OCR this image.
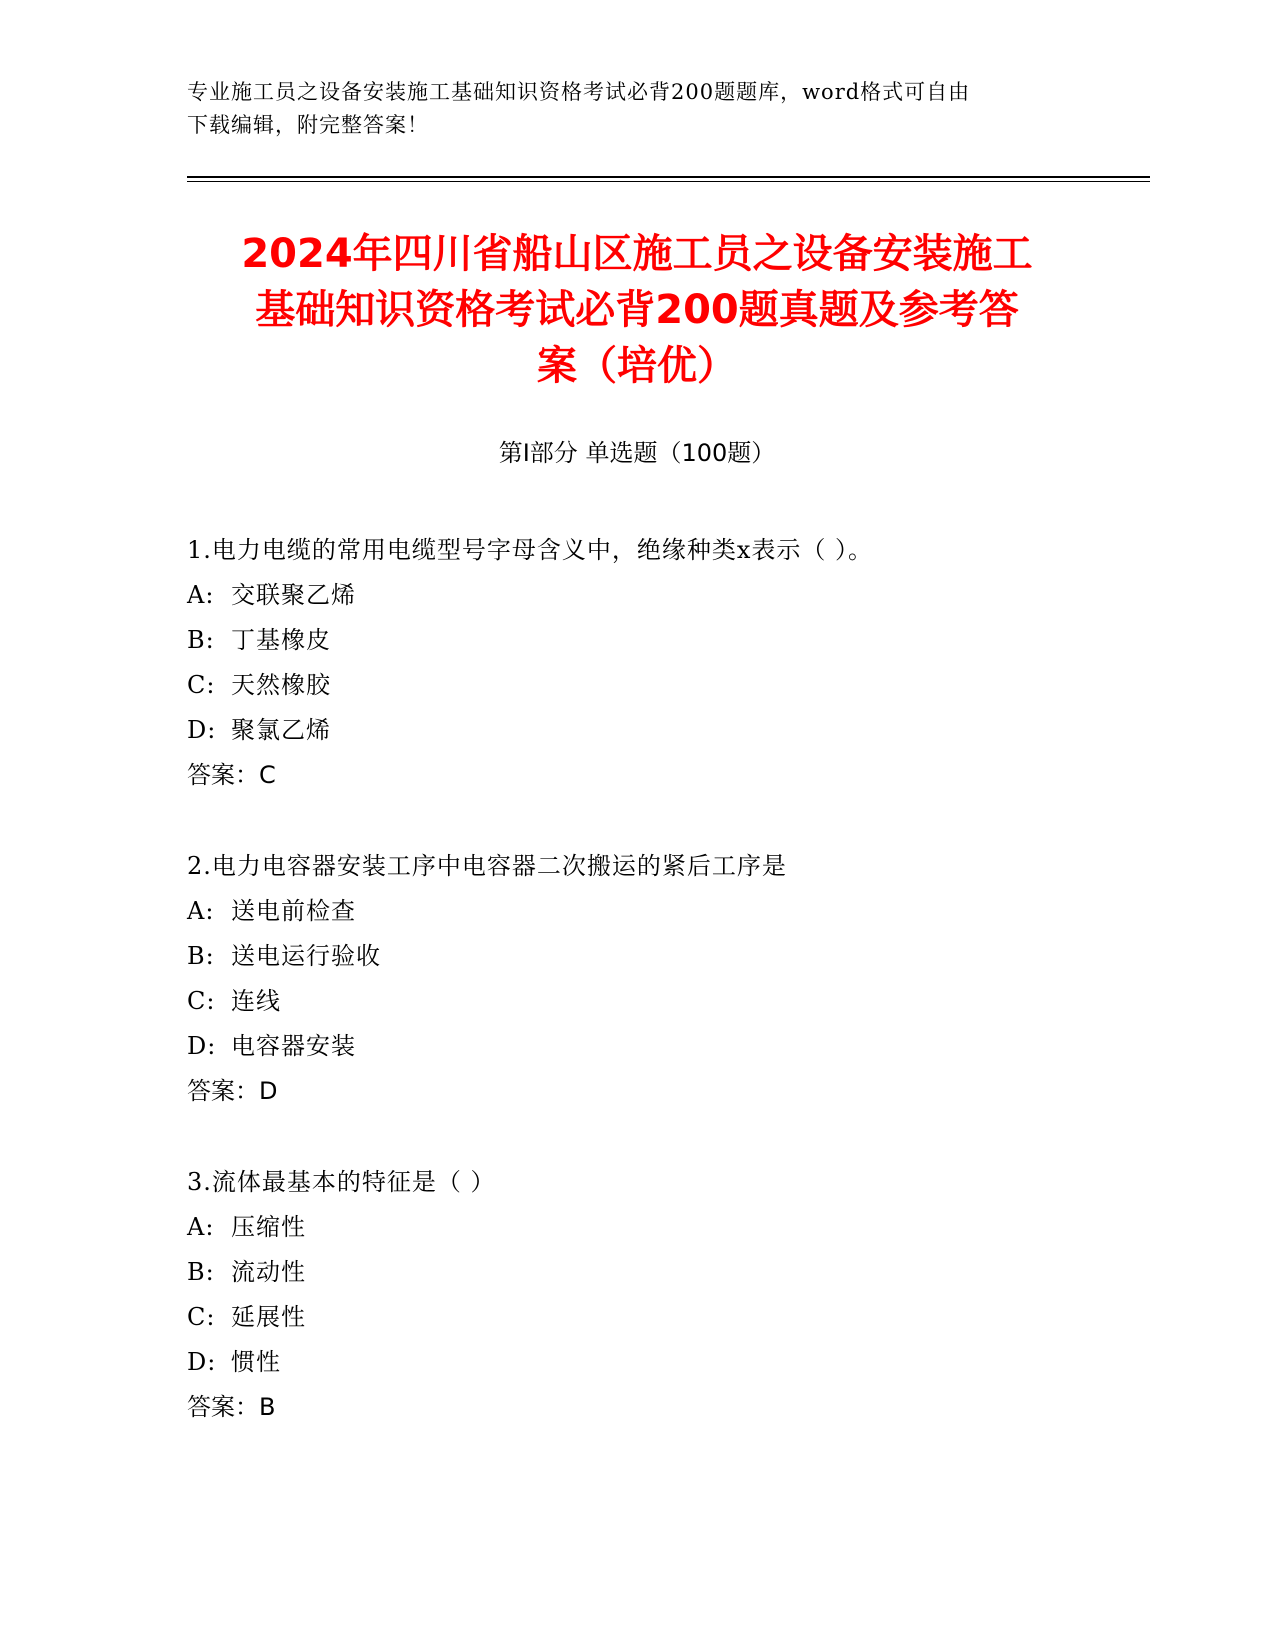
专业施工员之设备安装施工基础知识资格考试必背200题题库，word格式可自由
下载编辑，附完整答案！
2024年四川省船山区施工员之设备安装施工
基础知识资格考试必背200题真题及参考答
案（培优）
第I部分 单选题（100题）
1.电力电缆的常用电缆型号字母含义中，绝缘种类x表示（ ）。
A: 交联聚乙烯
B: 丁基橡皮
C: 天然橡胶
D: 聚氯乙烯
答案：C
2.电力电容器安装工序中电容器二次搬运的紧后工序是
A: 送电前检查
B: 送电运行验收
C: 连线
D: 电容器安装
答案：D
3.流体最基本的特征是（ ）
A: 压缩性
B: 流动性
C: 延展性
D: 惯性
答案：B
